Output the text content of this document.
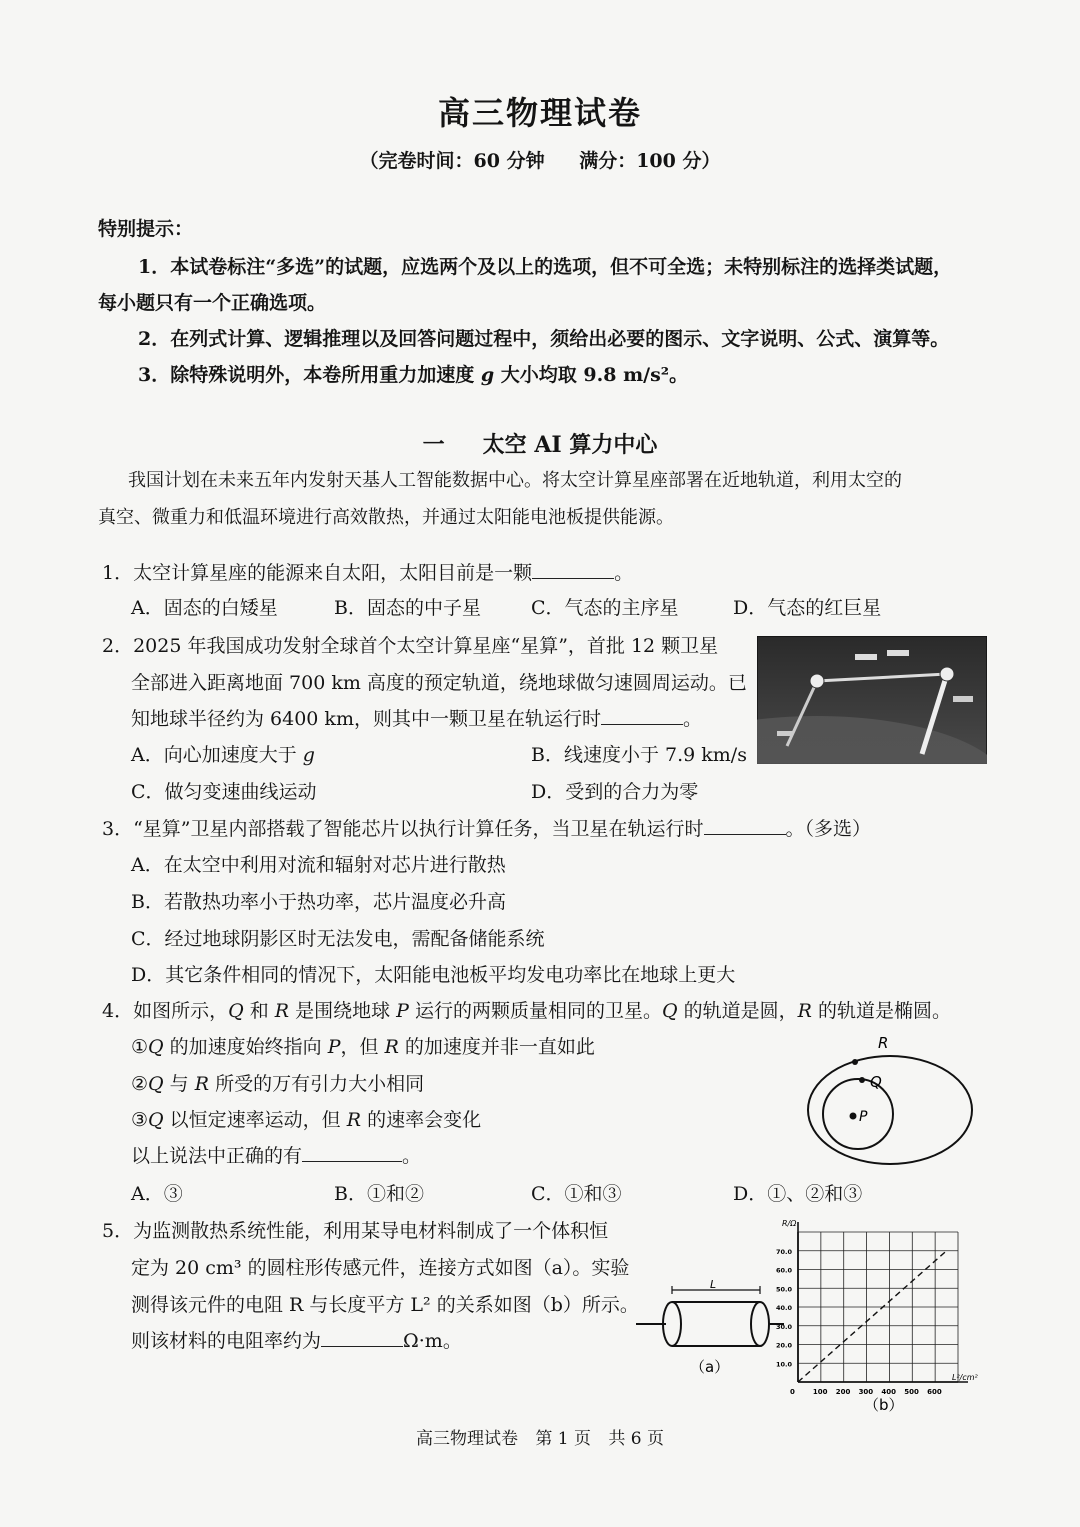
高三物理试卷
（完卷时间：60 分钟 满分：100 分）
特别提示：
1．本试卷标注“多选”的试题，应选两个及以上的选项，但不可全选；未特别标注的选择类试题，
每小题只有一个正确选项。
2．在列式计算、逻辑推理以及回答问题过程中，须给出必要的图示、文字说明、公式、演算等。
3．除特殊说明外，本卷所用重力加速度 g 大小均取 9.8 m/s²。
一 太空 AI 算力中心
我国计划在未来五年内发射天基人工智能数据中心。将太空计算星座部署在近地轨道，利用太空的
真空、微重力和低温环境进行高效散热，并通过太阳能电池板提供能源。
1．太空计算星座的能源来自太阳，太阳目前是一颗	。
A．固态的白矮星	B．固态的中子星	C．气态的主序星	D．气态的红巨星
2．2025 年我国成功发射全球首个太空计算星座“星算”，首批 12 颗卫星
全部进入距离地面 700 km 高度的预定轨道，绕地球做匀速圆周运动。已
知地球半径约为 6400 km，则其中一颗卫星在轨运行时	。
A．向心加速度大于 g	B．线速度小于 7.9 km/s
C．做匀变速曲线运动	D．受到的合力为零
3．“星算”卫星内部搭载了智能芯片以执行计算任务，当卫星在轨运行时	。（多选）
A．在太空中利用对流和辐射对芯片进行散热
B．若散热功率小于热功率，芯片温度必升高
C．经过地球阴影区时无法发电，需配备储能系统
D．其它条件相同的情况下，太阳能电池板平均发电功率比在地球上更大
4．如图所示，Q 和 R 是围绕地球 P 运行的两颗质量相同的卫星。Q 的轨道是圆，R 的轨道是椭圆。
①Q 的加速度始终指向 P，但 R 的加速度并非一直如此
②Q 与 R 所受的万有引力大小相同
③Q 以恒定速率运动，但 R 的速率会变化
以上说法中正确的有	。
A．③	B．①和②	C．①和③	D．①、②和③
R
Q
P
5．为监测散热系统性能，利用某导电材料制成了一个体积恒
定为 20 cm³ 的圆柱形传感元件，连接方式如图（a）。实验
测得该元件的电阻 R 与长度平方 L² 的关系如图（b）所示。
则该材料的电阻率约为	Ω·m。
L
（a）
0	100 200 300 400 500 600
10.0
20.0
30.0
40.0
50.0
60.0
70.0
L²/cm²
R/Ω
（b）
高三物理试卷 第 1 页 共 6 页
